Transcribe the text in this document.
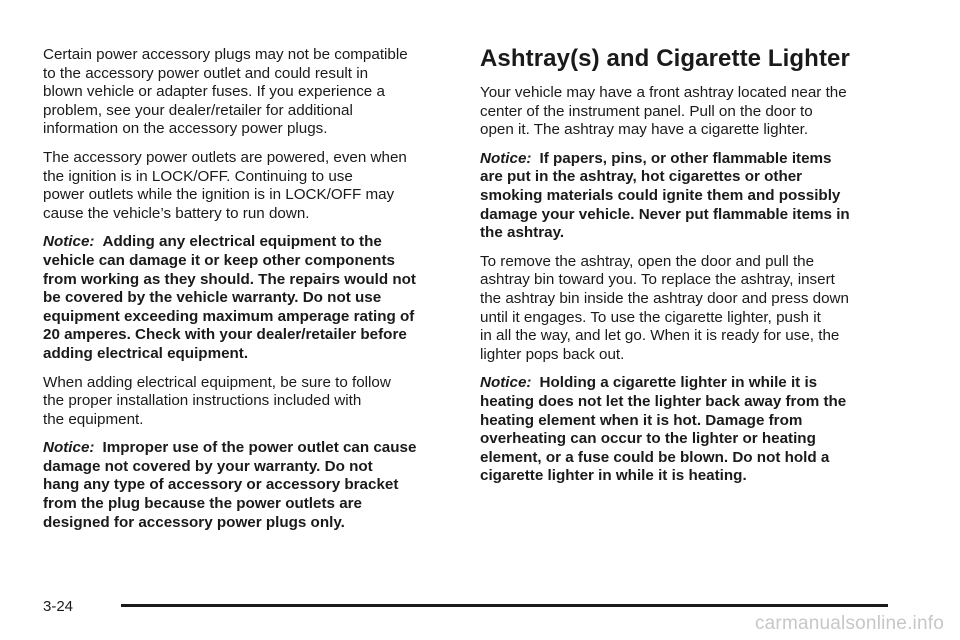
Certain power accessory plugs may not be compatible
to the accessory power outlet and could result in
blown vehicle or adapter fuses. If you experience a
problem, see your dealer/retailer for additional
information on the accessory power plugs.

The accessory power outlets are powered, even when
the ignition is in LOCK/OFF. Continuing to use
power outlets while the ignition is in LOCK/OFF may
cause the vehicle’s battery to run down.

Notice: Adding any electrical equipment to the
vehicle can damage it or keep other components
from working as they should. The repairs would not
be covered by the vehicle warranty. Do not use
equipment exceeding maximum amperage rating of
20 amperes. Check with your dealer/retailer before
adding electrical equipment.

When adding electrical equipment, be sure to follow
the proper installation instructions included with
the equipment.

Notice: Improper use of the power outlet can cause
damage not covered by your warranty. Do not
hang any type of accessory or accessory bracket
from the plug because the power outlets are
designed for accessory power plugs only.

Ashtray(s) and Cigarette Lighter

Your vehicle may have a front ashtray located near the
center of the instrument panel. Pull on the door to
open it. The ashtray may have a cigarette lighter.

Notice: If papers, pins, or other flammable items
are put in the ashtray, hot cigarettes or other
smoking materials could ignite them and possibly
damage your vehicle. Never put flammable items in
the ashtray.

To remove the ashtray, open the door and pull the
ashtray bin toward you. To replace the ashtray, insert
the ashtray bin inside the ashtray door and press down
until it engages. To use the cigarette lighter, push it
in all the way, and let go. When it is ready for use, the
lighter pops back out.

Notice: Holding a cigarette lighter in while it is
heating does not let the lighter back away from the
heating element when it is hot. Damage from
overheating can occur to the lighter or heating
element, or a fuse could be blown. Do not hold a
cigarette lighter in while it is heating.

3-24
carmanualsonline.info
